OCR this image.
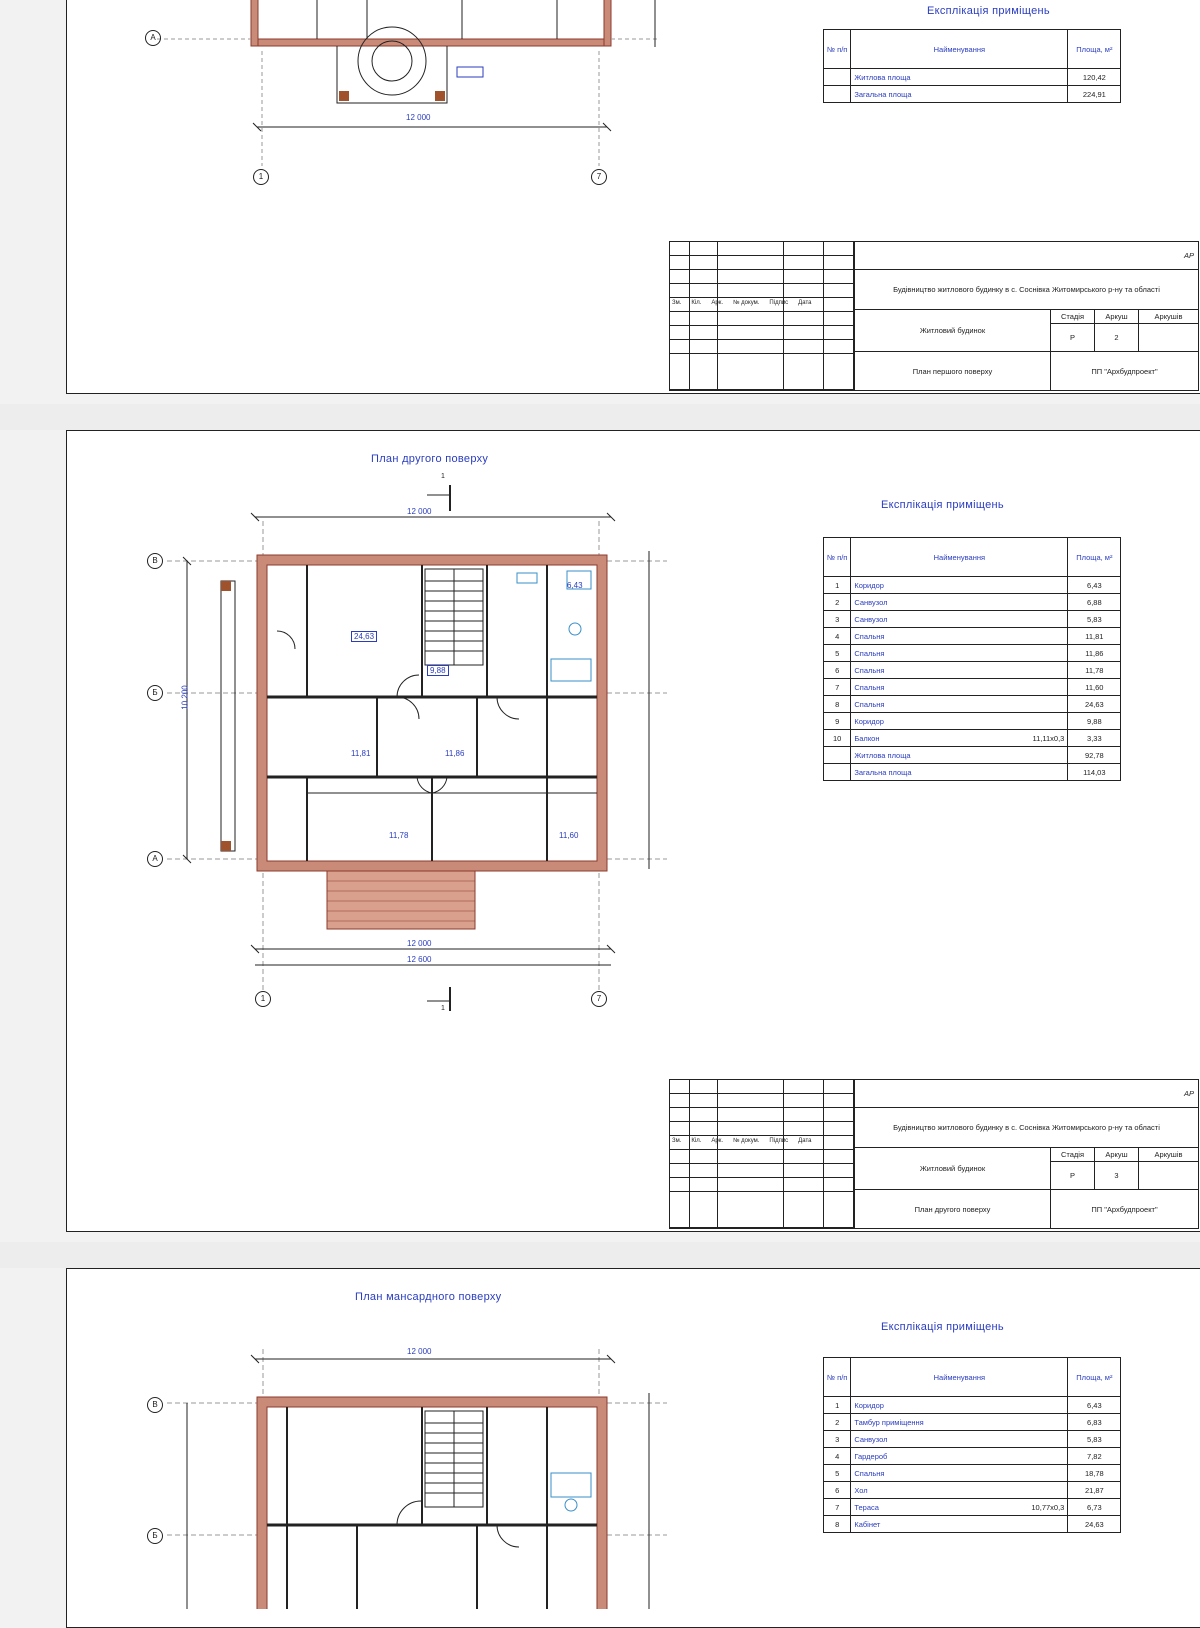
12 000
А
1	7
Експлікація приміщень
№ п/п	Найменування	Площа, м²
	Житлова площа	120,42
	Загальна площа	224,91
Зм. Кіл. Арк. № докум. Підпис Дата
АР
Будівництво житлового будинку в с. Соснівка Житомирського р-ну та області
Житловий будинок
Стадія	Аркуш	Аркушів
Р	2
План першого поверху	ПП "Архбудпроект"
План другого поверху
В
Б
А
1	7
12 000
12 000
12 600
10 200
1
1
24,63
11,81	11,86
11,78	11,60
9,88
6,43
Експлікація приміщень
№ п/п	Найменування	Площа, м²
1	Коридор	6,43
2	Санвузол	6,88
3	Санвузол	5,83
4	Спальня	11,81
5	Спальня	11,86
6	Спальня	11,78
7	Спальня	11,60
8	Спальня	24,63
9	Коридор	9,88
10	Балкон 11,11x0,3	3,33
	Житлова площа	92,78
	Загальна площа	114,03
Зм. Кіл. Арк. № докум. Підпис Дата
АР
Будівництво житлового будинку в с. Соснівка Житомирського р-ну та області
Житловий будинок
Стадія	Аркуш	Аркушів
Р	3
План другого поверху	ПП "Архбудпроект"
План мансардного поверху
В
Б
12 000
Експлікація приміщень
№ п/п	Найменування	Площа, м²
1	Коридор	6,43
2	Тамбур приміщення	6,83
3	Санвузол	5,83
4	Гардероб	7,82
5	Спальня	18,78
6	Хол	21,87
7	Тераса 10,77x0,3	6,73
8	Кабінет	24,63
